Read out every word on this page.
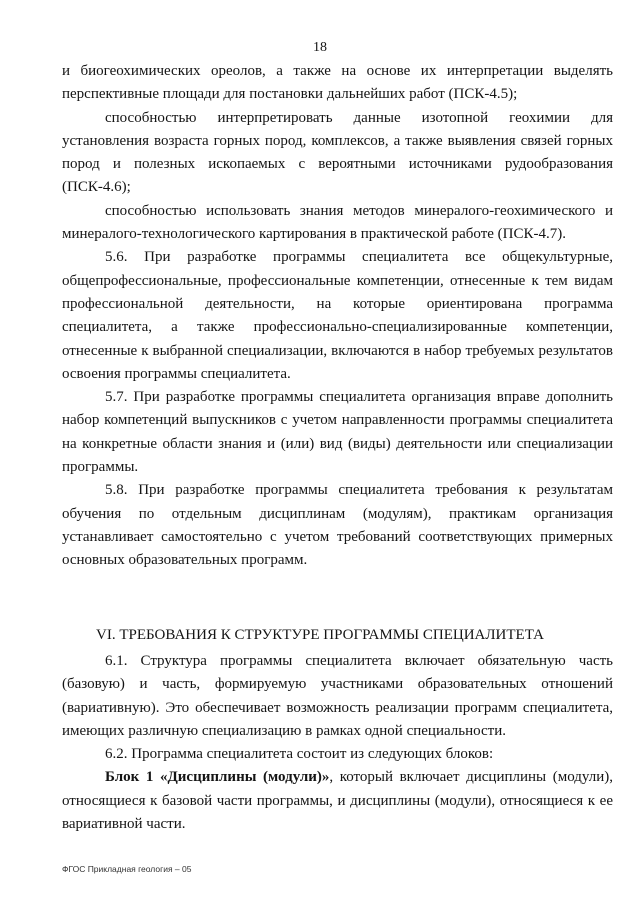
18

и биогеохимических ореолов, а также на основе их интерпретации выделять перспективные площади для постановки дальнейших работ (ПСК-4.5);

способностью интерпретировать данные изотопной геохимии для установления возраста горных пород, комплексов, а также выявления связей горных пород и полезных ископаемых с вероятными источниками рудообразования (ПСК-4.6);

способностью использовать знания методов минералого-геохимического и минералого-технологического картирования в практической работе (ПСК-4.7).

5.6. При разработке программы специалитета все общекультурные, общепрофессиональные, профессиональные компетенции, отнесенные к тем видам профессиональной деятельности, на которые ориентирована программа специалитета, а также профессионально-специализированные компетенции, отнесенные к выбранной специализации, включаются в набор требуемых результатов освоения программы специалитета.

5.7. При разработке программы специалитета организация вправе дополнить набор компетенций выпускников с учетом направленности программы специалитета на конкретные области знания и (или) вид (виды) деятельности или специализации программы.

5.8. При разработке программы специалитета требования к результатам обучения по отдельным дисциплинам (модулям), практикам организация устанавливает самостоятельно с учетом требований соответствующих примерных основных образовательных программ.

VI. ТРЕБОВАНИЯ К СТРУКТУРЕ ПРОГРАММЫ СПЕЦИАЛИТЕТА

6.1. Структура программы специалитета включает обязательную часть (базовую) и часть, формируемую участниками образовательных отношений (вариативную). Это обеспечивает возможность реализации программ специалитета, имеющих различную специализацию в рамках одной специальности.

6.2. Программа специалитета состоит из следующих блоков:

Блок 1 «Дисциплины (модули)», который включает дисциплины (модули), относящиеся к базовой части программы, и дисциплины (модули), относящиеся к ее вариативной части.

ФГОС Прикладная геология – 05
